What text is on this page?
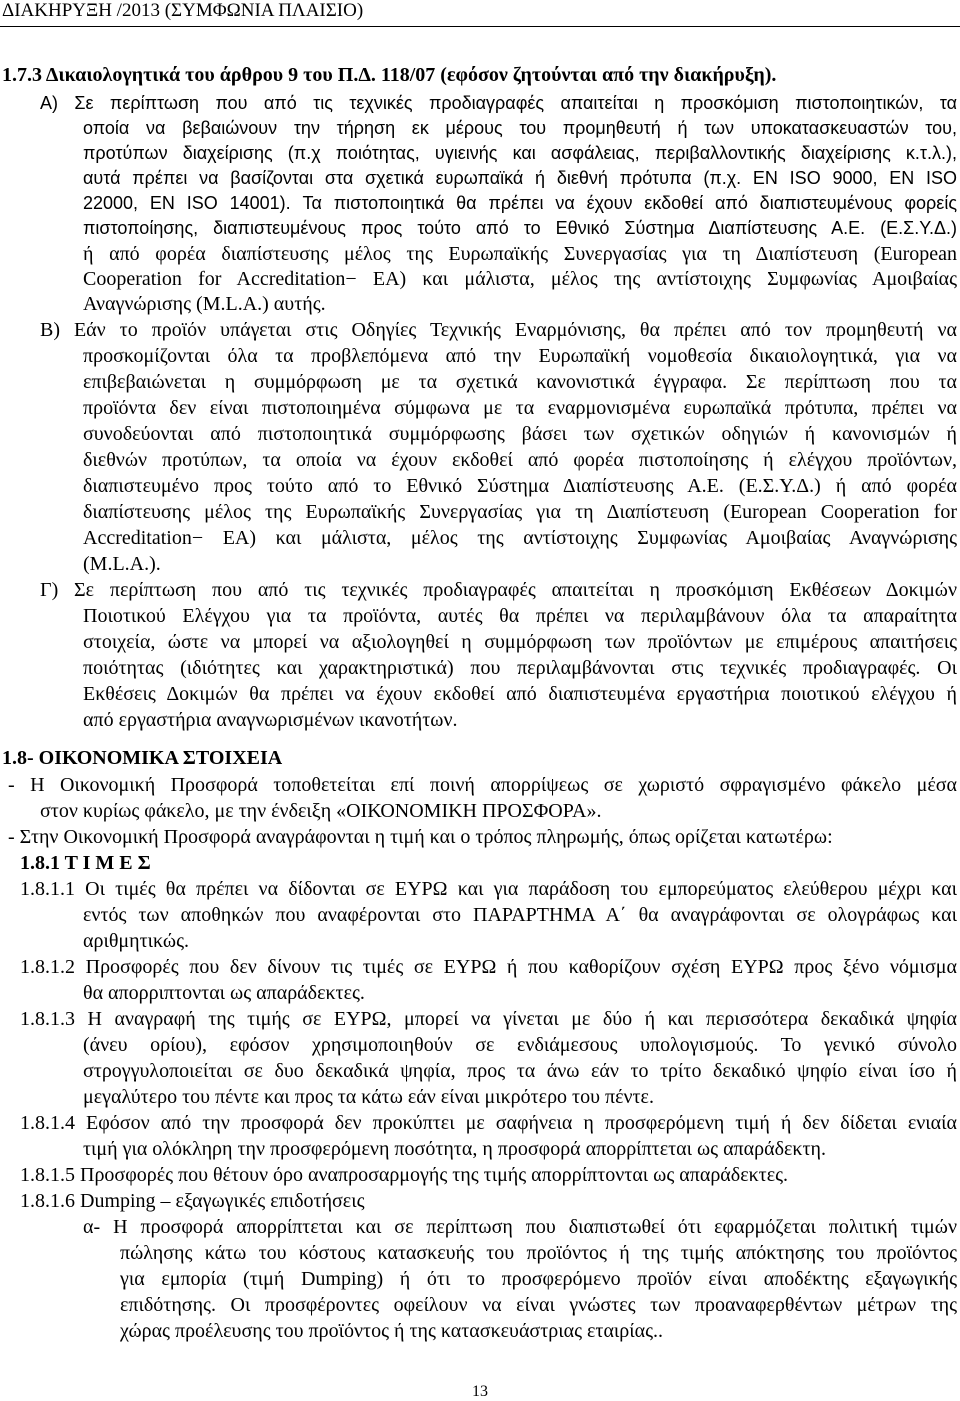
ΔΙΑΚΗΡΥΞΗ /2013 (ΣΥΜΦΩΝΙΑ ΠΛΑΙΣΙΟ)
1.7.3 Δικαιολογητικά του άρθρου 9 του Π.Δ. 118/07 (εφόσον ζητούνται από την διακήρυξη).
Α) Σε περίπτωση που από τις τεχνικές προδιαγραφές απαιτείται η προσκόμιση πιστοποιητικών, τα
οποία να βεβαιώνουν την τήρηση εκ μέρους του προμηθευτή ή των υποκατασκευαστών του,
προτύπων διαχείρισης (π.χ ποιότητας, υγιεινής και ασφάλειας, περιβαλλοντικής διαχείρισης κ.τ.λ.),
αυτά πρέπει να βασίζονται στα σχετικά ευρωπαϊκά ή διεθνή πρότυπα (π.χ. EN ISO 9000, EN ISO
22000, EN ISO 14001). Τα πιστοποιητικά θα πρέπει να έχουν εκδοθεί από διαπιστευμένους φορείς
πιστοποίησης, διαπιστευμένους προς τούτο από το Εθνικό Σύστημα Διαπίστευσης Α.Ε. (Ε.Σ.Υ.Δ.)
ή από φορέα διαπίστευσης μέλος της Ευρωπαϊκής Συνεργασίας για τη Διαπίστευση (European
Cooperation for Accreditation− EA) και μάλιστα, μέλος της αντίστοιχης Συμφωνίας Αμοιβαίας
Αναγνώρισης (M.L.A.) αυτής.
Β) Εάν το προϊόν υπάγεται στις Οδηγίες Τεχνικής Εναρμόνισης, θα πρέπει από τον προμηθευτή να
προσκομίζονται όλα τα προβλεπόμενα από την Ευρωπαϊκή νομοθεσία δικαιολογητικά, για να
επιβεβαιώνεται η συμμόρφωση με τα σχετικά κανονιστικά έγγραφα. Σε περίπτωση που τα
προϊόντα δεν είναι πιστοποιημένα σύμφωνα με τα εναρμονισμένα ευρωπαϊκά πρότυπα, πρέπει να
συνοδεύονται από πιστοποιητικά συμμόρφωσης βάσει των σχετικών οδηγιών ή κανονισμών ή
διεθνών προτύπων, τα οποία να έχουν εκδοθεί από φορέα πιστοποίησης ή ελέγχου προϊόντων,
διαπιστευμένο προς τούτο από το Εθνικό Σύστημα Διαπίστευσης Α.Ε. (Ε.Σ.Υ.Δ.) ή από φορέα
διαπίστευσης μέλος της Ευρωπαϊκής Συνεργασίας για τη Διαπίστευση (European Cooperation for
Accreditation− EA) και μάλιστα, μέλος της αντίστοιχης Συμφωνίας Αμοιβαίας Αναγνώρισης
(M.L.A.).
Γ) Σε περίπτωση που από τις τεχνικές προδιαγραφές απαιτείται η προσκόμιση Εκθέσεων Δοκιμών
Ποιοτικού Ελέγχου για τα προϊόντα, αυτές θα πρέπει να περιλαμβάνουν όλα τα απαραίτητα
στοιχεία, ώστε να μπορεί να αξιολογηθεί η συμμόρφωση των προϊόντων με επιμέρους απαιτήσεις
ποιότητας (ιδιότητες και χαρακτηριστικά) που περιλαμβάνονται στις τεχνικές προδιαγραφές. Οι
Εκθέσεις Δοκιμών θα πρέπει να έχουν εκδοθεί από διαπιστευμένα εργαστήρια ποιοτικού ελέγχου ή
από εργαστήρια αναγνωρισμένων ικανοτήτων.
1.8- ΟΙΚΟΝΟΜΙΚΑ ΣΤΟΙΧΕΙΑ
- Η Οικονομική Προσφορά τοποθετείται επί ποινή απορρίψεως σε χωριστό σφραγισμένο φάκελο μέσα
στον κυρίως φάκελο, με την ένδειξη «ΟΙΚΟΝΟΜΙΚΗ ΠΡΟΣΦΟΡΑ».
- Στην Οικονομική Προσφορά αναγράφονται η τιμή και ο τρόπος πληρωμής, όπως ορίζεται κατωτέρω:
1.8.1 Τ Ι Μ Ε Σ
1.8.1.1 Οι τιμές θα πρέπει να δίδονται σε ΕΥΡΩ και για παράδοση του εμπορεύματος ελεύθερου μέχρι και
εντός των αποθηκών που αναφέρονται στο ΠΑΡΑΡΤΗΜΑ Α΄ θα αναγράφονται σε ολογράφως και
αριθμητικώς.
1.8.1.2 Προσφορές που δεν δίνουν τις τιμές σε ΕΥΡΩ ή που καθορίζουν σχέση ΕΥΡΩ προς ξένο νόμισμα
θα απορριπτονται ως απαράδεκτες.
1.8.1.3 Η αναγραφή της τιμής σε ΕΥΡΩ, μπορεί να γίνεται με δύο ή και περισσότερα δεκαδικά ψηφία
(άνευ ορίου), εφόσον χρησιμοποιηθούν σε ενδιάμεσους υπολογισμούς. Το γενικό σύνολο
στρογγυλοποιείται σε δυο δεκαδικά ψηφία, προς τα άνω εάν το τρίτο δεκαδικό ψηφίο είναι ίσο ή
μεγαλύτερο του πέντε και προς τα κάτω εάν είναι μικρότερο του πέντε.
1.8.1.4 Εφόσον από την προσφορά δεν προκύπτει με σαφήνεια η προσφερόμενη τιμή ή δεν δίδεται ενιαία
τιμή για ολόκληρη την προσφερόμενη ποσότητα, η προσφορά απορρίπτεται ως απαράδεκτη.
1.8.1.5 Προσφορές που θέτουν όρο αναπροσαρμογής της τιμής απορρίπτονται ως απαράδεκτες.
1.8.1.6 Dumping – εξαγωγικές επιδοτήσεις
α- Η προσφορά απορρίπτεται και σε περίπτωση που διαπιστωθεί ότι εφαρμόζεται πολιτική τιμών
πώλησης κάτω του κόστους κατασκευής του προϊόντος ή της τιμής απόκτησης του προϊόντος
για εμπορία (τιμή Dumping) ή ότι το προσφερόμενο προϊόν είναι αποδέκτης εξαγωγικής
επιδότησης. Οι προσφέροντες οφείλουν να είναι γνώστες των προαναφερθέντων μέτρων της
χώρας προέλευσης του προϊόντος ή της κατασκευάστριας εταιρίας..
13
